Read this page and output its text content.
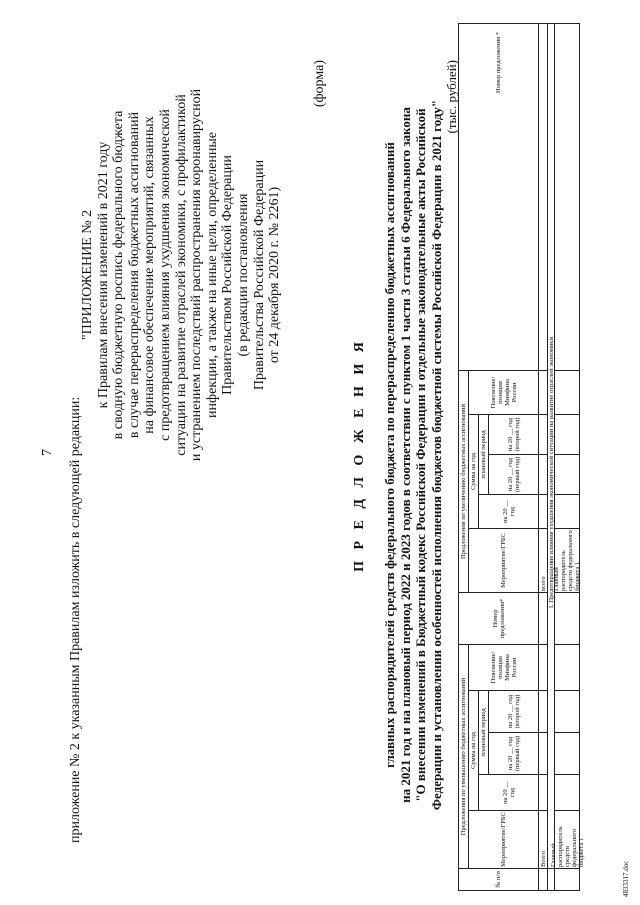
7 приложение № 2 к указанным Правилам изложить в следующей редакции:
"ПРИЛОЖЕНИЕ № 2 к Правилам внесения изменений в 2021 году в сводную бюджетную роспись федерального бюджета в случае перераспределения бюджетных ассигнований на финансовое обеспечение мероприятий, связанных с предотвращением влияния ухудшения экономической ситуации на развитие отраслей экономики, с профилактикой и устранением последствий распространения коронавирусной инфекции, а также на иные цели, определенные Правительством Российской Федерации (в редакции постановления Правительства Российской Федерации от 24 декабря 2020 г. № 2261)
(форма)
П Р Е Д Л О Ж Е Н И Я главных распорядителей средств федерального бюджета по перераспределению бюджетных ассигнований на 2021 год и на плановый период 2022 и 2023 годов в соответствии с пунктом 1 части 3 статьи 6 Федерального закона "О внесении изменений в Бюджетный кодекс Российской Федерации и отдельные законодательные акты Российской Федерации и установлении особенностей исполнения бюджетов бюджетной системы Российской Федерации в 2021 году"
(тыс. рублей)
№ п/п
Предложения по уменьшению бюджетных ассигнований
Мероприятие/ГРБС
Сумма на год
на 20 __ год
плановый период	на 20 __ год (первый год)
на 20 __ год (второй год)
Пояснение/ позиция Минфина России
Номер предложения*
Предложения по увеличению бюджетных ассигнований
Мероприятие/ГРБС
Сумма на год
на 20 __ год
плановый период	на 20 __ год (первый год)
на 20 __ год (второй год)
Пояснение/ позиция Минфина России
Номер предложения *
Всего
всего I. Предотвращение влияния ухудшения экономической ситуации на развитие отраслей экономики
Главный распорядитель средств федерального бюджета 1
Главный распорядитель средств федерального бюджета 1
4833317.doc
